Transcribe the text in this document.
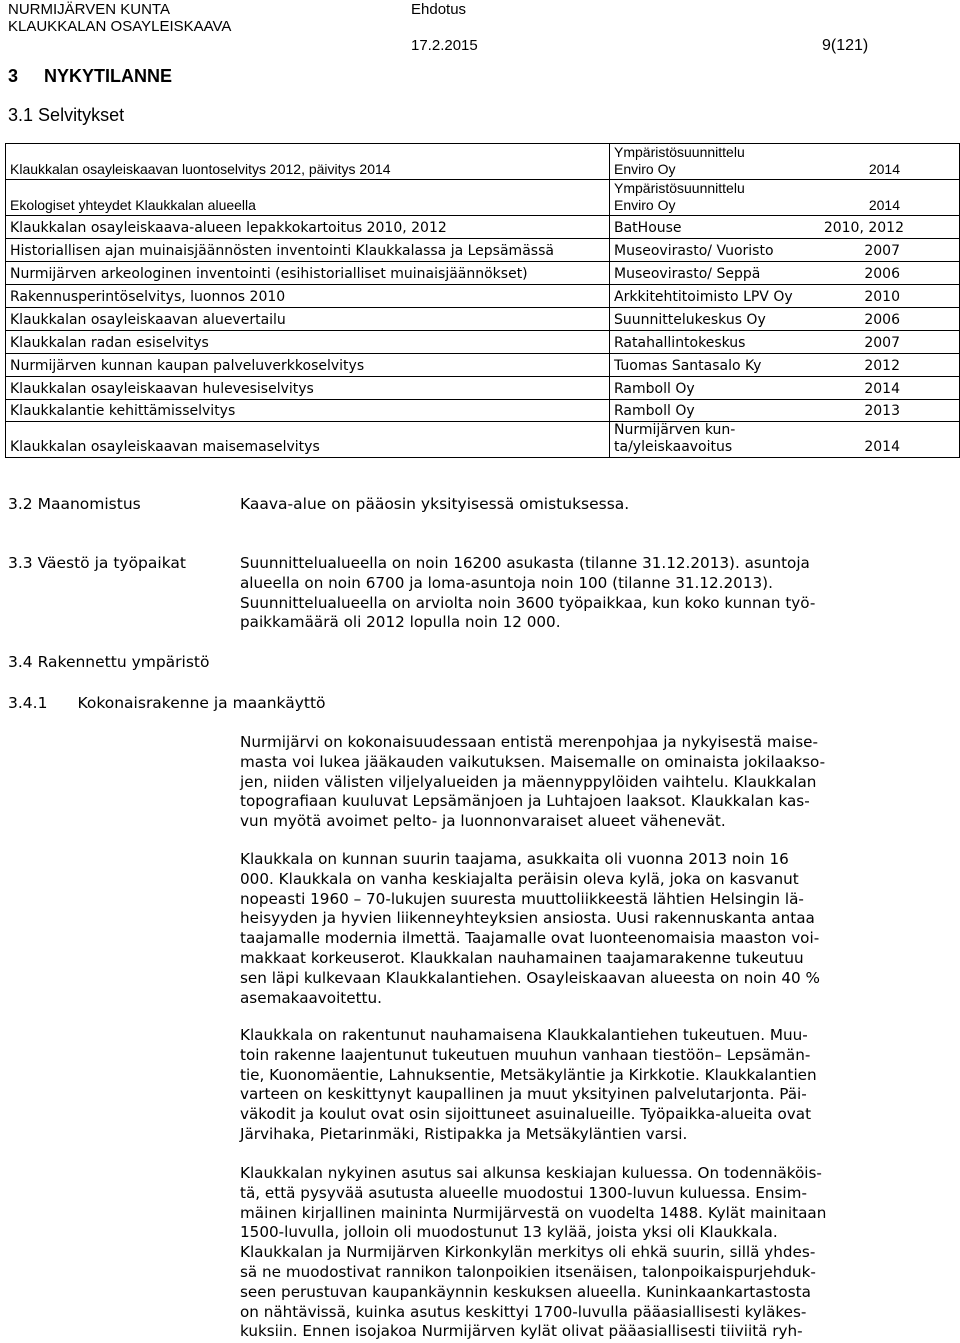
NURMIJÄRVEN KUNTA
KLAUKKALAN OSAYLEISKAAVA
Ehdotus
17.2.2015	9(121)
3 NYKYTILANNE
3.1 Selvitykset
Klaukkalan osayleiskaavan luontoselvitys 2012, päivitys 2014	Ympäristösuunnittelu
Enviro Oy 2014

Ekologiset yhteydet Klaukkalan alueella	Ympäristösuunnittelu
Enviro Oy 2014

Klaukkalan osayleiskaava-alueen lepakkokartoitus 2010, 2012	BatHouse 2010, 2012

Historiallisen ajan muinaisjäännösten inventointi Klaukkalassa ja Lepsämässä	Museovirasto/ Vuoristo 2007

Nurmijärven arkeologinen inventointi (esihistorialliset muinaisjäännökset)	Museovirasto/ Seppä 2006

Rakennusperintöselvitys, luonnos 2010	Arkkitehtitoimisto LPV Oy 2010

Klaukkalan osayleiskaavan aluevertailu	Suunnittelukeskus Oy 2006

Klaukkalan radan esiselvitys	Ratahallintokeskus 2007

Nurmijärven kunnan kaupan palveluverkkoselvitys	Tuomas Santasalo Ky 2012

Klaukkalan osayleiskaavan hulevesiselvitys	Ramboll Oy 2014

Klaukkalantie kehittämisselvitys	Ramboll Oy 2013

Klaukkalan osayleiskaavan maisemaselvitys	Nurmijärven kun-
ta/yleiskaavoitus 2014
3.2 Maanomistus	Kaava-alue on pääosin yksityisessä omistuksessa.
3.3 Väestö ja työpaikat	Suunnittelualueella on noin 16200 asukasta (tilanne 31.12.2013). asuntoja

alueella on noin 6700 ja loma-asuntoja noin 100 (tilanne 31.12.2013).

Suunnittelualueella on arviolta noin 3600 työpaikkaa, kun koko kunnan työ-

paikkamäärä oli 2012 lopulla noin 12 000.

3.4 Rakennettu ympäristö
3.4.1 Kokonaisrakenne ja maankäyttö

Nurmijärvi on kokonaisuudessaan entistä merenpohjaa ja nykyisestä maise-

masta voi lukea jääkauden vaikutuksen. Maisemalle on ominaista jokilaakso-

jen, niiden välisten viljelyalueiden ja mäennyppylöiden vaihtelu. Klaukkalan

topografiaan kuuluvat Lepsämänjoen ja Luhtajoen laaksot. Klaukkalan kas-

vun myötä avoimet pelto- ja luonnonvaraiset alueet vähenevät.

Klaukkala on kunnan suurin taajama, asukkaita oli vuonna 2013 noin 16

000. Klaukkala on vanha keskiajalta peräisin oleva kylä, joka on kasvanut

nopeasti 1960 – 70-lukujen suuresta muuttoliikkeestä lähtien Helsingin lä-

heisyyden ja hyvien liikenneyhteyksien ansiosta. Uusi rakennuskanta antaa

taajamalle modernia ilmettä. Taajamalle ovat luonteenomaisia maaston voi-

makkaat korkeuserot. Klaukkalan nauhamainen taajamarakenne tukeutuu

sen läpi kulkevaan Klaukkalantiehen. Osayleiskaavan alueesta on noin 40 %

asemakaavoitettu.

Klaukkala on rakentunut nauhamaisena Klaukkalantiehen tukeutuen. Muu-

toin rakenne laajentunut tukeutuen muuhun vanhaan tiestöön– Lepsämän-

tie, Kuonomäentie, Lahnuksentie, Metsäkyläntie ja Kirkkotie. Klaukkalantien

varteen on keskittynyt kaupallinen ja muut yksityinen palvelutarjonta. Päi-

väkodit ja koulut ovat osin sijoittuneet asuinalueille. Työpaikka-alueita ovat

Järvihaka, Pietarinmäki, Ristipakka ja Metsäkyläntien varsi.

Klaukkalan nykyinen asutus sai alkunsa keskiajan kuluessa. On todennäköis-

tä, että pysyvää asutusta alueelle muodostui 1300-luvun kuluessa. Ensim-

mäinen kirjallinen maininta Nurmijärvestä on vuodelta 1488. Kylät mainitaan

1500-luvulla, jolloin oli muodostunut 13 kylää, joista yksi oli Klaukkala.

Klaukkalan ja Nurmijärven Kirkonkylän merkitys oli ehkä suurin, sillä yhdes-

sä ne muodostivat rannikon talonpoikien itsenäisen, talonpoikaispurjehduk-

seen perustuvan kaupankäynnin keskuksen alueella. Kuninkaankartastosta

on nähtävissä, kuinka asutus keskittyi 1700-luvulla pääasiallisesti kyläkes-

kuksiin. Ennen isojakoa Nurmijärven kylät olivat pääasiallisesti tiiviitä ryh-
